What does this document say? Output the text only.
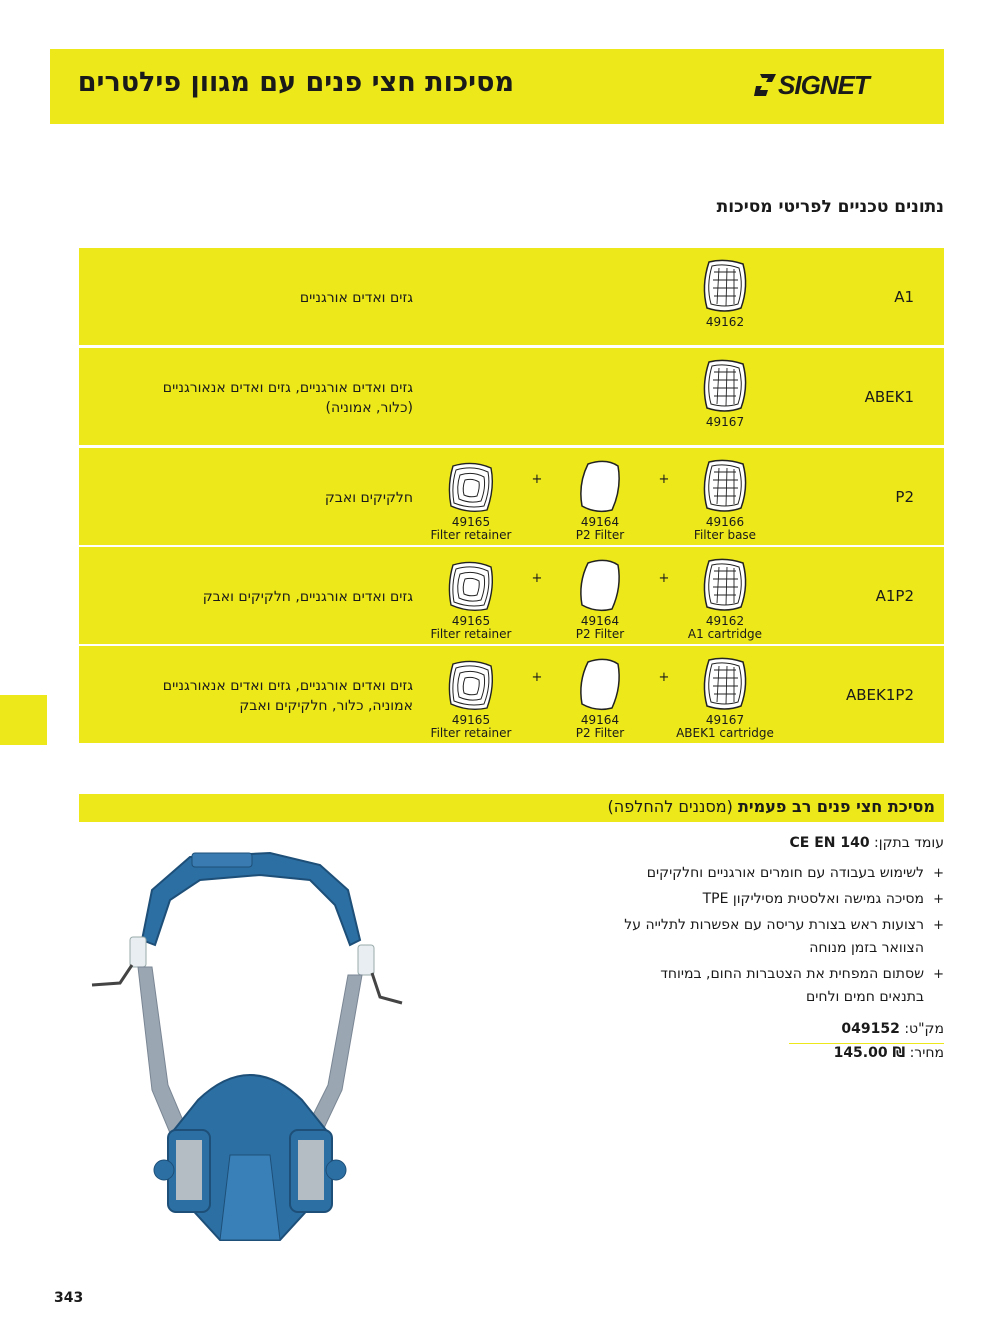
SIGNET
מסיכות חצי פנים עם מגוון פילטרים
נתונים טכניים לפריטי מסיכות
A1
גזים ואדים אורגניים
49162
ABEK1
גזים ואדים אורגניים, גזים ואדים אנאורגניים
(כלור, אמוניה)
49167
P2
חלקיקים ואבק
49166
Filter base
+
49164
P2 Filter
+
49165
Filter retainer
A1P2
גזים ואדים אורגניים, חלקיקים ואבק
49162
A1 cartridge
+
49164
P2 Filter
+
49165
Filter retainer
ABEK1P2
גזים ואדים אורגניים, גזים ואדים אנאורגניים
אמוניה, כלור, חלקיקים ואבק
49167
ABEK1 cartridge
+
49164
P2 Filter
+
49165
Filter retainer
מסיכת חצי פנים רב פעמית (מסננים להחלפה)
עומד בתקן: CE EN 140
+
לשימוש בעבודה עם חומרים אורגניים וחלקיקים
+
מסיכה גמישה ואלסטית מסיליקון TPE
+
רצועות ראש בצורת עריסה עם אפשרות לתלייה על הצוואר בזמן מנוחה
+
שסתום המפחית את הצטברות החום, במיוחד בתנאים חמים ולחים
מק"ט: 049152
מחיר: 145.00 ₪
343
